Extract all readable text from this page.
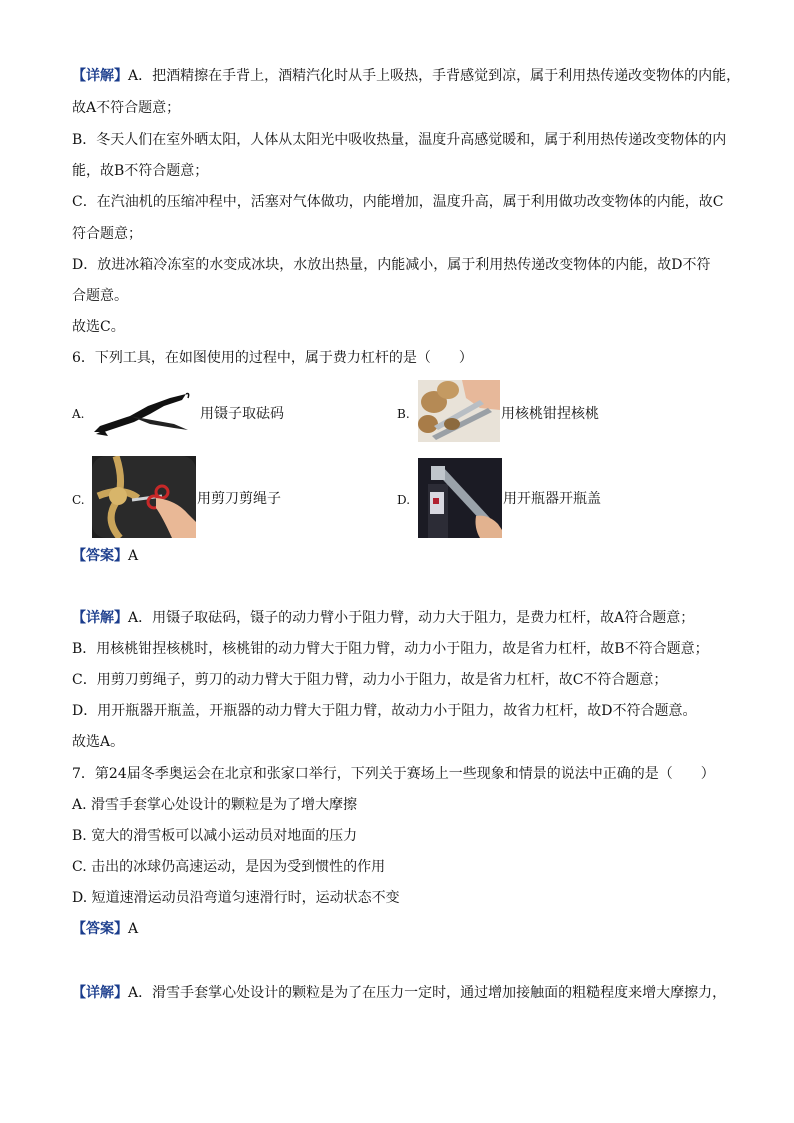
【详解】A．把酒精擦在手背上，酒精汽化时从手上吸热，手背感觉到凉，属于利用热传递改变物体的内能，
故A不符合题意；
B．冬天人们在室外晒太阳，人体从太阳光中吸收热量，温度升高感觉暖和，属于利用热传递改变物体的内
能，故B不符合题意；
C．在汽油机的压缩冲程中，活塞对气体做功，内能增加，温度升高，属于利用做功改变物体的内能，故C
符合题意；
D．放进冰箱冷冻室的水变成冰块，水放出热量，内能减小，属于利用热传递改变物体的内能，故D不符
合题意。
故选C。
6．下列工具，在如图使用的过程中，属于费力杠杆的是（　　）
A.	用镊子取砝码	B.	用核桃钳捏核桃
C.	用剪刀剪绳子	D.	用开瓶器开瓶盖
【答案】A
【详解】A．用镊子取砝码，镊子的动力臂小于阻力臂，动力大于阻力，是费力杠杆，故A符合题意；
B．用核桃钳捏核桃时，核桃钳的动力臂大于阻力臂，动力小于阻力，故是省力杠杆，故B不符合题意；
C．用剪刀剪绳子，剪刀的动力臂大于阻力臂，动力小于阻力，故是省力杠杆，故C不符合题意；
D．用开瓶器开瓶盖，开瓶器的动力臂大于阻力臂，故动力小于阻力，故省力杠杆，故D不符合题意。
故选A。
7．第24届冬季奥运会在北京和张家口举行，下列关于赛场上一些现象和情景的说法中正确的是（　　）
A. 滑雪手套掌心处设计的颗粒是为了增大摩擦
B. 宽大的滑雪板可以减小运动员对地面的压力
C. 击出的冰球仍高速运动，是因为受到惯性的作用
D. 短道速滑运动员沿弯道匀速滑行时，运动状态不变
【答案】A
【详解】A．滑雪手套掌心处设计的颗粒是为了在压力一定时，通过增加接触面的粗糙程度来增大摩擦力，
